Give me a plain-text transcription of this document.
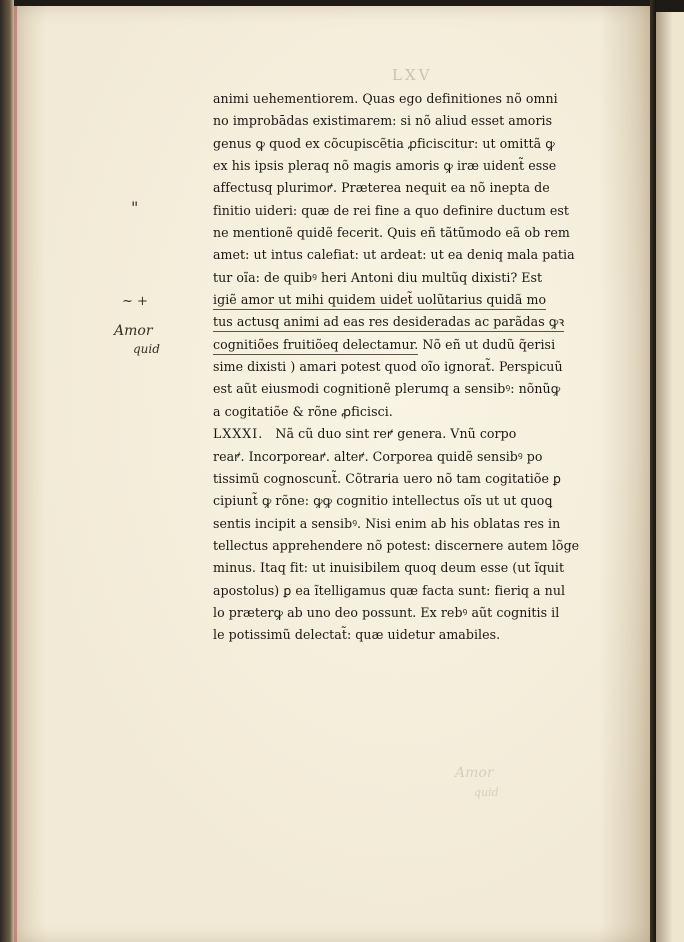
LXV
Amor
quid
"
~ +
Amor
quid
animi uehementiorem. Quas ego definitiones nõ omni
no improbādas existimarem: si nõ aliud esset amoris
genus ꝙ quod ex cõcupiscẽtia ꝓficiscitur: ut omittã ꝙ
ex his ipsis pleraq nõ magis amoris ꝙ iræ uident̃ esse
affectusq plurimoꝵ. Præterea nequit ea nõ inepta de
finitio uideri: quæ de rei fine a quo definire ductum est
ne mentionẽ quidẽ fecerit. Quis eñ tãtũmodo eã ob rem
amet: ut intus calefiat: ut ardeat: ut ea deniq mala patia
tur oĩa: de quibꝰ heri Antoni diu multũq dixisti? Est
igiẽ amor ut mihi quidem uidet̃ uolũtarius quidã mo
tus actusq animi ad eas res desideradas ac parãdas ꝙꝛ
cognitiões fruitiõeq delectamur. Nõ eñ ut dudũ q̃erisi
sime dixisti ) amari potest quod oĩo ignorat̃. Perspicuũ
est aũt eiusmodi cognitionẽ plerumq a sensibꝰ: nõnũꝙ
a cogitatiõe & rõne ꝓficisci.
LXXXI. Nã cũ duo sint reꝵ genera. Vnũ corpo
reaꝵ. Incorporeaꝵ. alteꝵ. Corporea quidẽ sensibꝰ po
tissimũ cognoscunt̃. Cõtraria uero nõ tam cogitatiõe ꝑ
cipiunt̃ ꝙ rõne: ꝙꝙ cognitio intellectus oĩs ut ut quoꝗ
sentis incipit a sensibꝰ. Nisi enim ab his oblatas res in
tellectus apprehendere nõ potest: discernere autem lõge
minus. Itaq fit: ut inuisibilem quoq deum esse (ut ĩquit
apostolus) ꝑ ea ĩtelligamus quæ facta sunt: fieriq a nul
lo præterꝙ ab uno deo possunt. Ex rebꝰ aũt cognitis il
le potissimũ delectat̃: quæ uidetur amabiles.
